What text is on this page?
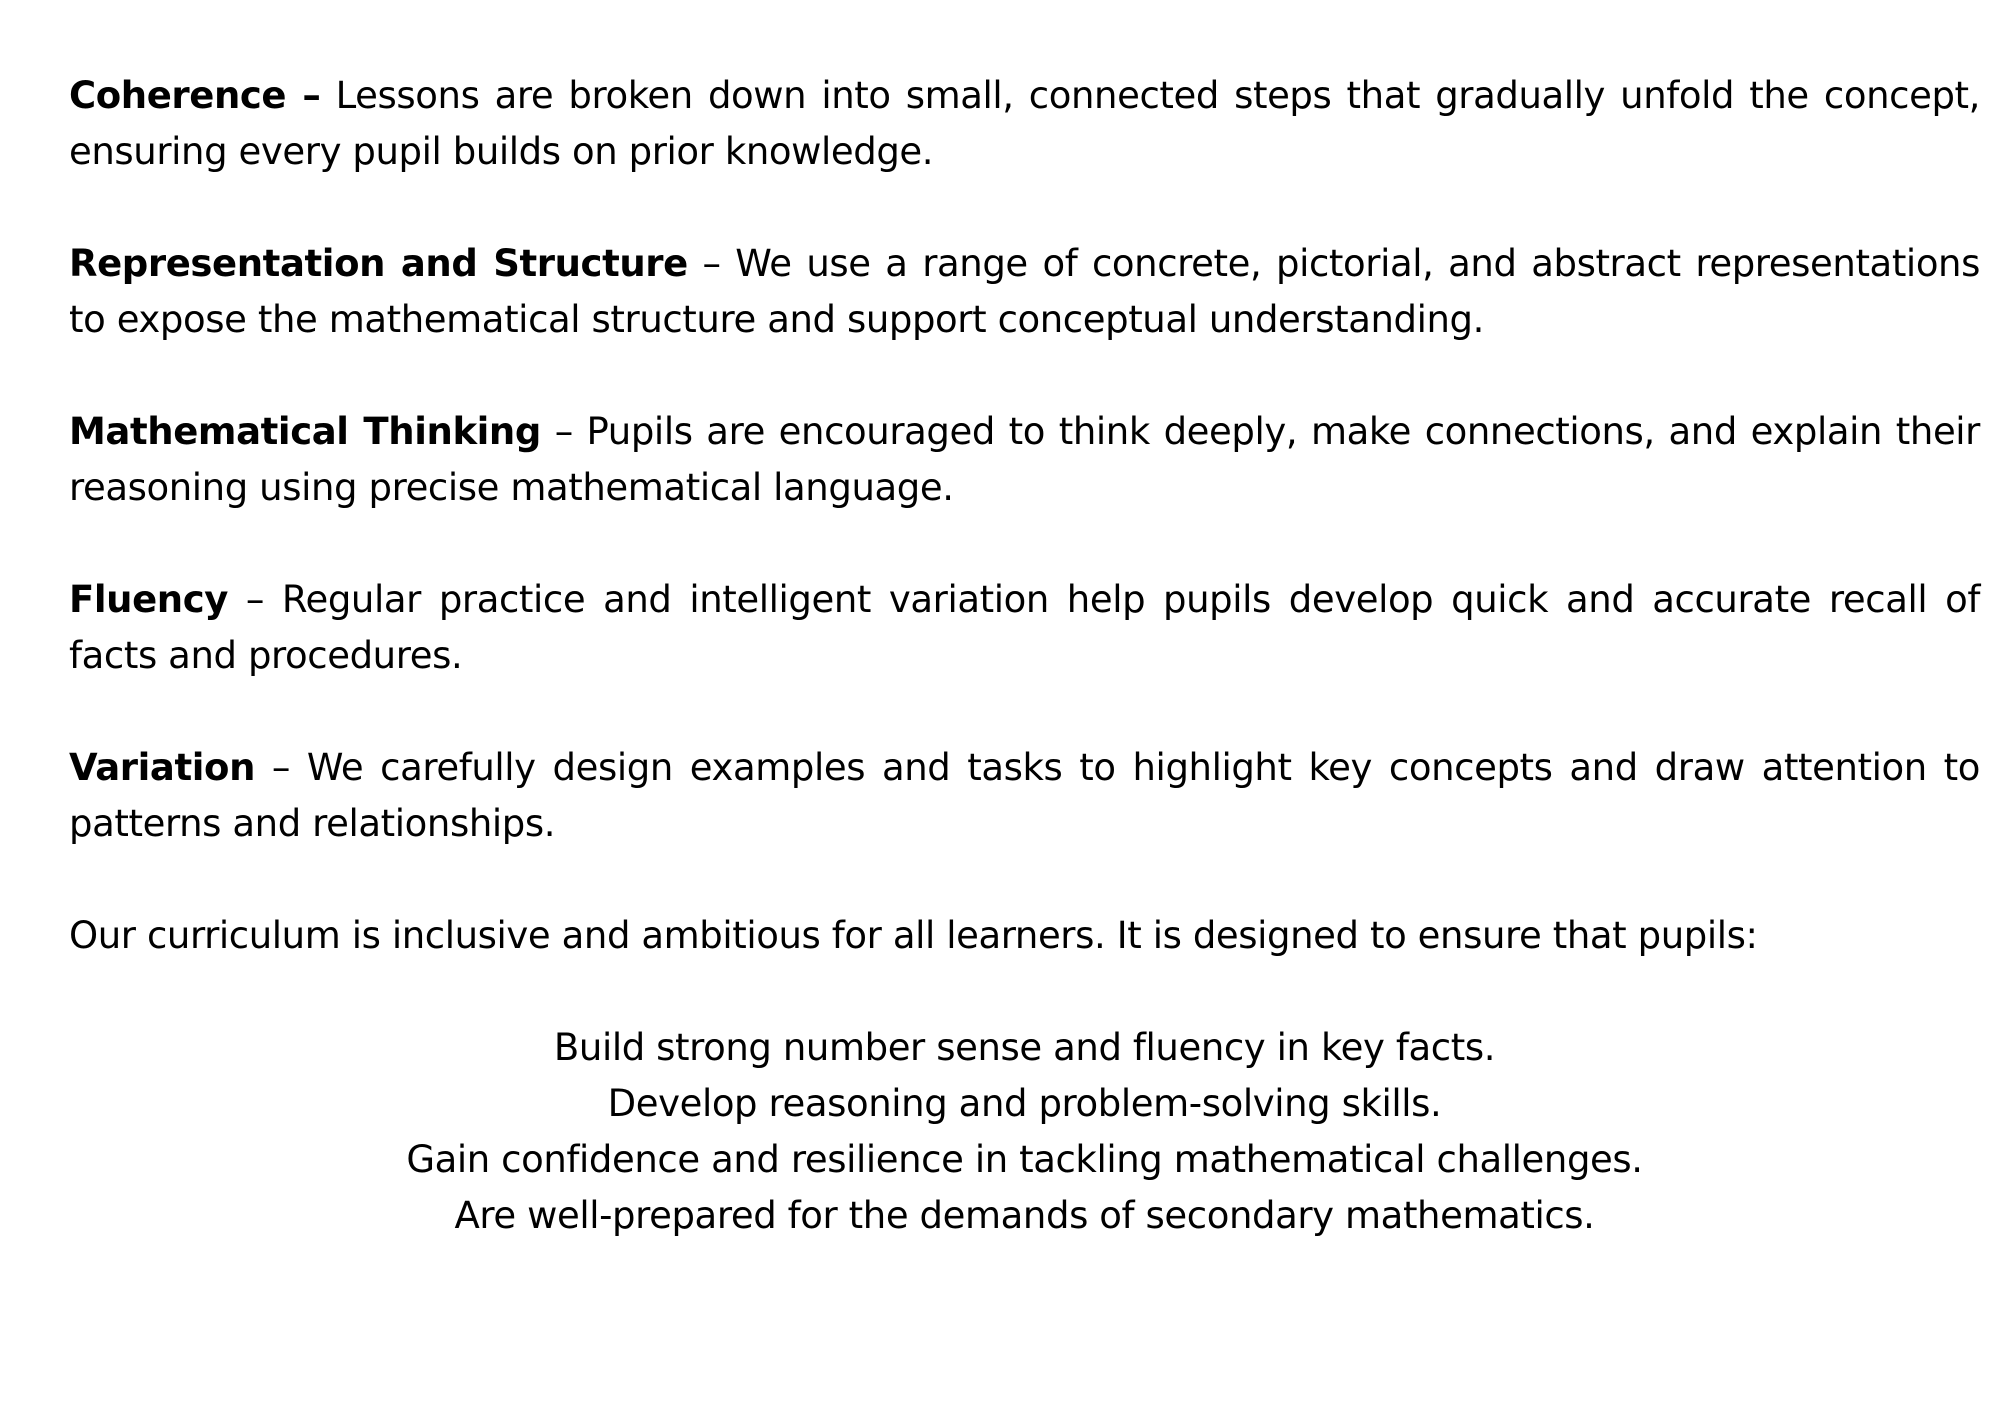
Coherence – Lessons are broken down into small, connected steps that gradually unfold the concept, ensuring every pupil builds on prior knowledge.

Representation and Structure – We use a range of concrete, pictorial, and abstract representations to expose the mathematical structure and support conceptual understanding.

Mathematical Thinking – Pupils are encouraged to think deeply, make connections, and explain their reasoning using precise mathematical language.

Fluency – Regular practice and intelligent variation help pupils develop quick and accurate recall of facts and procedures.

Variation – We carefully design examples and tasks to highlight key concepts and draw attention to patterns and relationships.

Our curriculum is inclusive and ambitious for all learners. It is designed to ensure that pupils:

Build strong number sense and fluency in key facts.
Develop reasoning and problem-solving skills.
Gain confidence and resilience in tackling mathematical challenges.
Are well-prepared for the demands of secondary mathematics.
